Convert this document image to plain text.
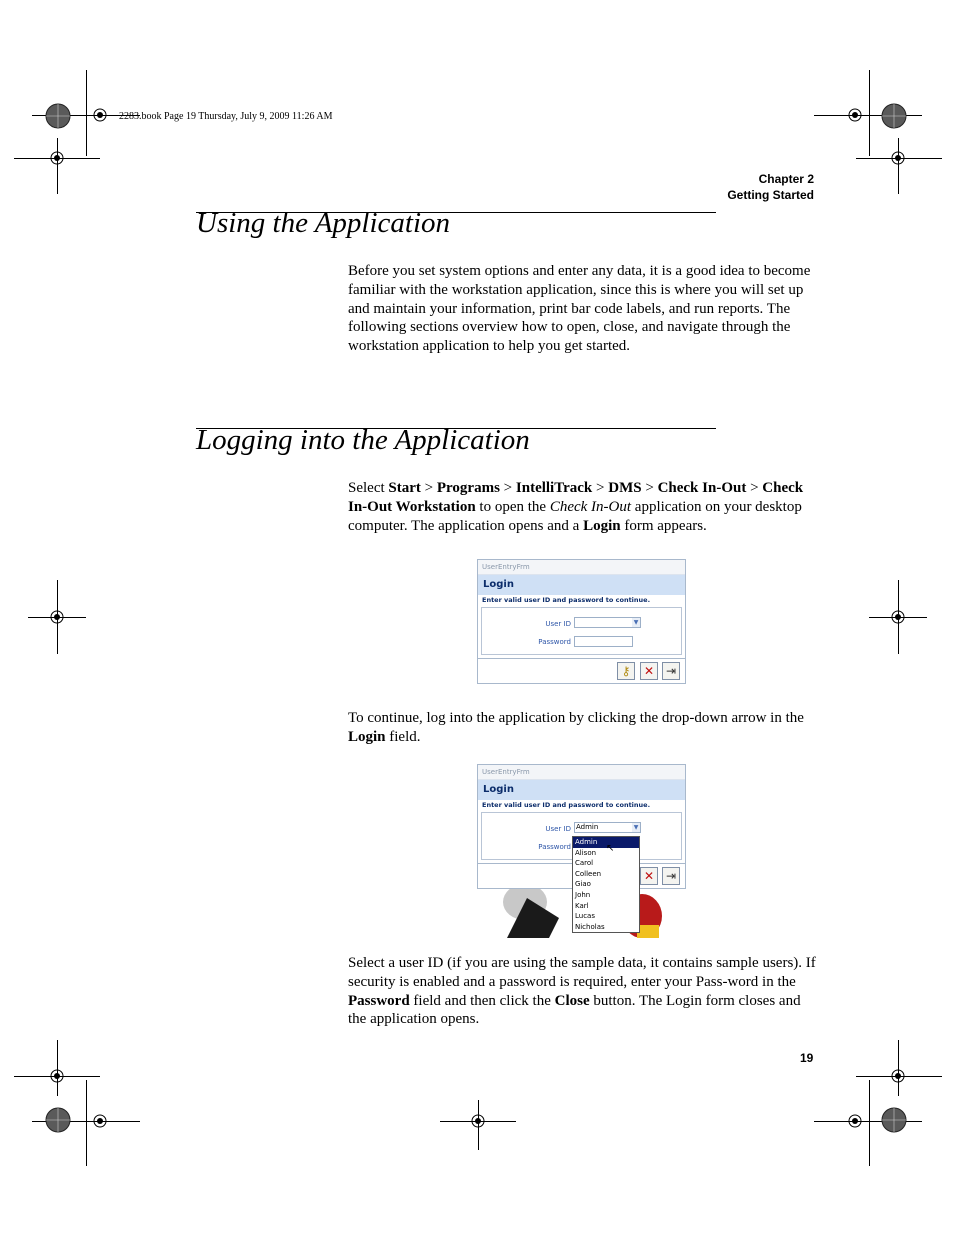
2283.book Page 19 Thursday, July 9, 2009 11:26 AM
Chapter 2
Getting Started
Using the Application
Before you set system options and enter any data, it is a good idea to become familiar with the workstation application, since this is where you will set up and maintain your information, print bar code labels, and run reports. The following sections overview how to open, close, and navigate through the workstation application to help you get started.
Logging into the Application
Select Start > Programs > IntelliTrack > DMS > Check In-Out > Check In-Out Workstation to open the Check In-Out application on your desktop computer. The application opens and a Login form appears.
UserEntryFrm
Login
Enter valid user ID and password to continue.
User ID	▼
Password
⚷	✕ ⇥
To continue, log into the application by clicking the drop-down arrow in the Login field.
UserEntryFrm
Login
Enter valid user ID and password to continue.
User ID Admin	▼
Password
✕ ⇥
Admin
Alison
Carol
Colleen
Giao
John
Karl
Lucas
Nicholas
↖
Select a user ID (if you are using the sample data, it contains sample users). If security is enabled and a password is required, enter your Pass-word in the Password field and then click the Close button. The Login form closes and the application opens.
19
